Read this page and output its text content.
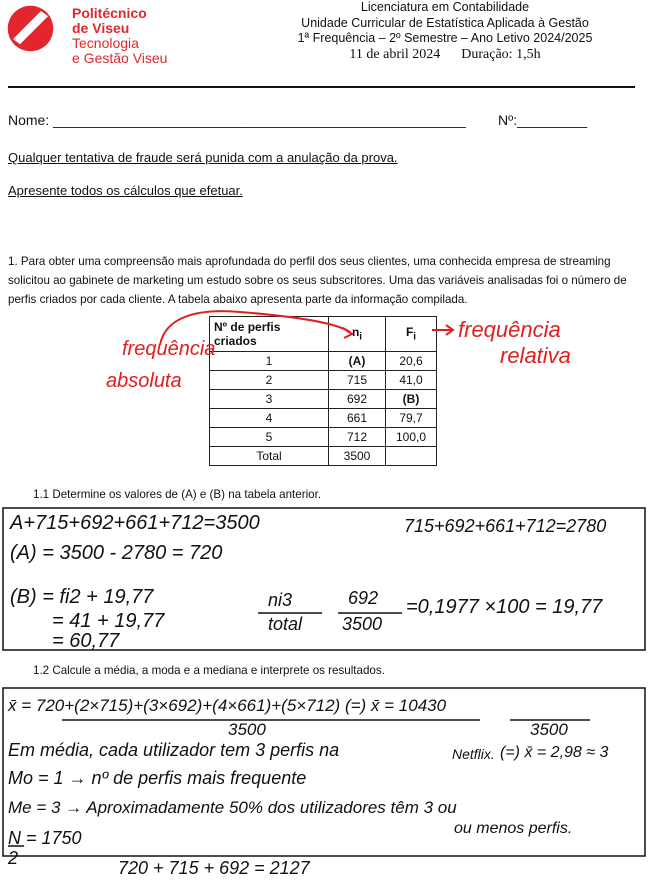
Politécnico
de Viseu
Tecnologia
e Gestão Viseu
Licenciatura em Contabilidade
Unidade Curricular de Estatística Aplicada à Gestão
1ª Frequência – 2º Semestre – Ano Letivo 2024/2025
11 de abril 2024      Duração: 1,5h
Nome: _____________________________________________________ Nº:_________
Qualquer tentativa de fraude será punida com a anulação da prova.
Apresente todos os cálculos que efetuar.
1. Para obter uma compreensão mais aprofundada do perfil dos seus clientes, uma conhecida empresa de streaming solicitou ao gabinete de marketing um estudo sobre os seus subscritores. Uma das variáveis analisadas foi o número de perfis criados por cada cliente. A tabela abaixo apresenta parte da informação compilada.
Nº de perfis criados	$n_i$	$F_i$
1	(A)	20,6
2	715	41,0
3	692	(B)
4	661	79,7
5	712	100,0
Total	3500	
frequência
absoluta
frequência
relativa
1.1 Determine os valores de (A) e (B) na tabela anterior.
A+715+692+661+712=3500	715+692+661+712=2780
(A) = 3500 - 2780 = 720
(B) = fi2 + 19,77
= 41 + 19,77
= 60,77
ni3
total
692
3500
=0,1977 ×100 = 19,77
1.2 Calcule a média, a moda e a mediana e interprete os resultados.
x̄ = 720+(2×715)+(3×692)+(4×661)+(5×712) (=) x̄ = 10430
3500	3500
Em média, cada utilizador tem 3 perfis na	Netflix. (=) x̄ = 2,98 ≈ 3
Mo = 1 → nº de perfis mais frequente
Me = 3 → Aproximadamente 50% dos utilizadores têm 3 ou
ou menos perfis.
N = 1750
2	720 + 715 + 692 = 2127
